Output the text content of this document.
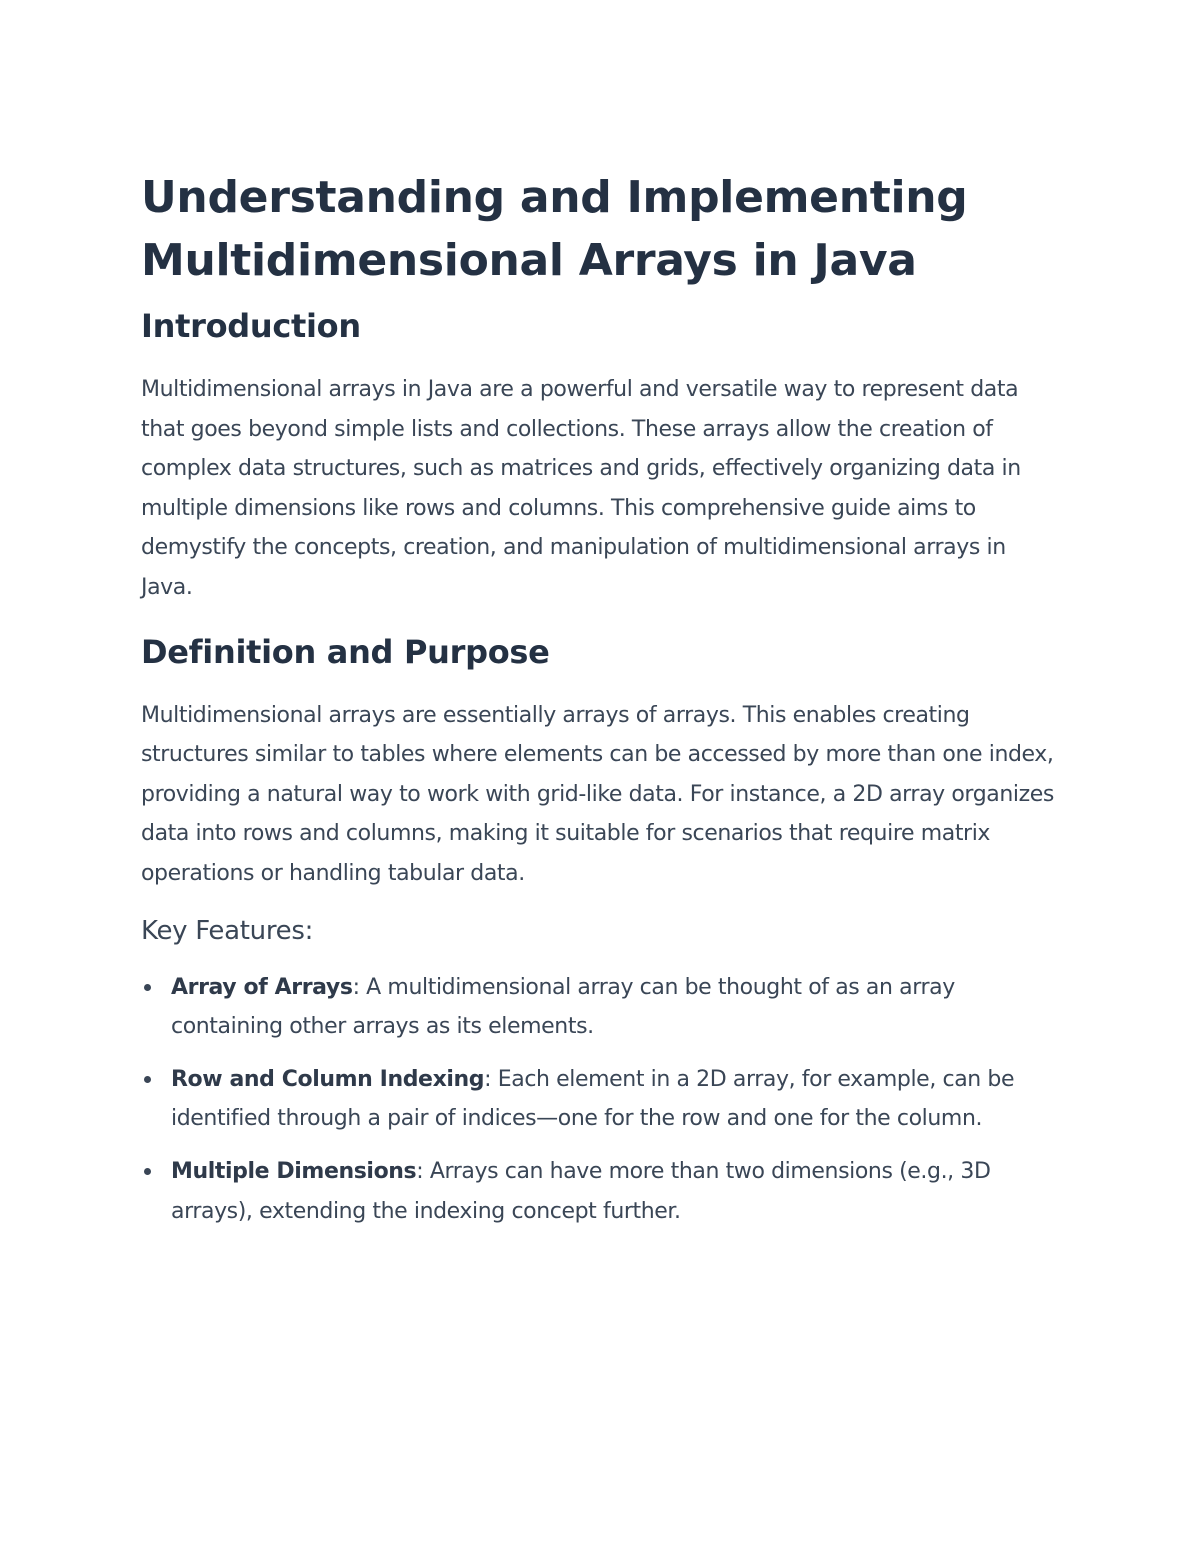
Understanding and Implementing Multidimensional Arrays in Java
Introduction

Multidimensional arrays in Java are a powerful and versatile way to represent data that goes beyond simple lists and collections. These arrays allow the creation of complex data structures, such as matrices and grids, effectively organizing data in multiple dimensions like rows and columns. This comprehensive guide aims to demystify the concepts, creation, and manipulation of multidimensional arrays in Java.

Definition and Purpose

Multidimensional arrays are essentially arrays of arrays. This enables creating structures similar to tables where elements can be accessed by more than one index, providing a natural way to work with grid-like data. For instance, a 2D array organizes data into rows and columns, making it suitable for scenarios that require matrix operations or handling tabular data.

Key Features:
Array of Arrays: A multidimensional array can be thought of as an array containing other arrays as its elements.
Row and Column Indexing: Each element in a 2D array, for example, can be identified through a pair of indices—one for the row and one for the column.
Multiple Dimensions: Arrays can have more than two dimensions (e.g., 3D arrays), extending the indexing concept further.
